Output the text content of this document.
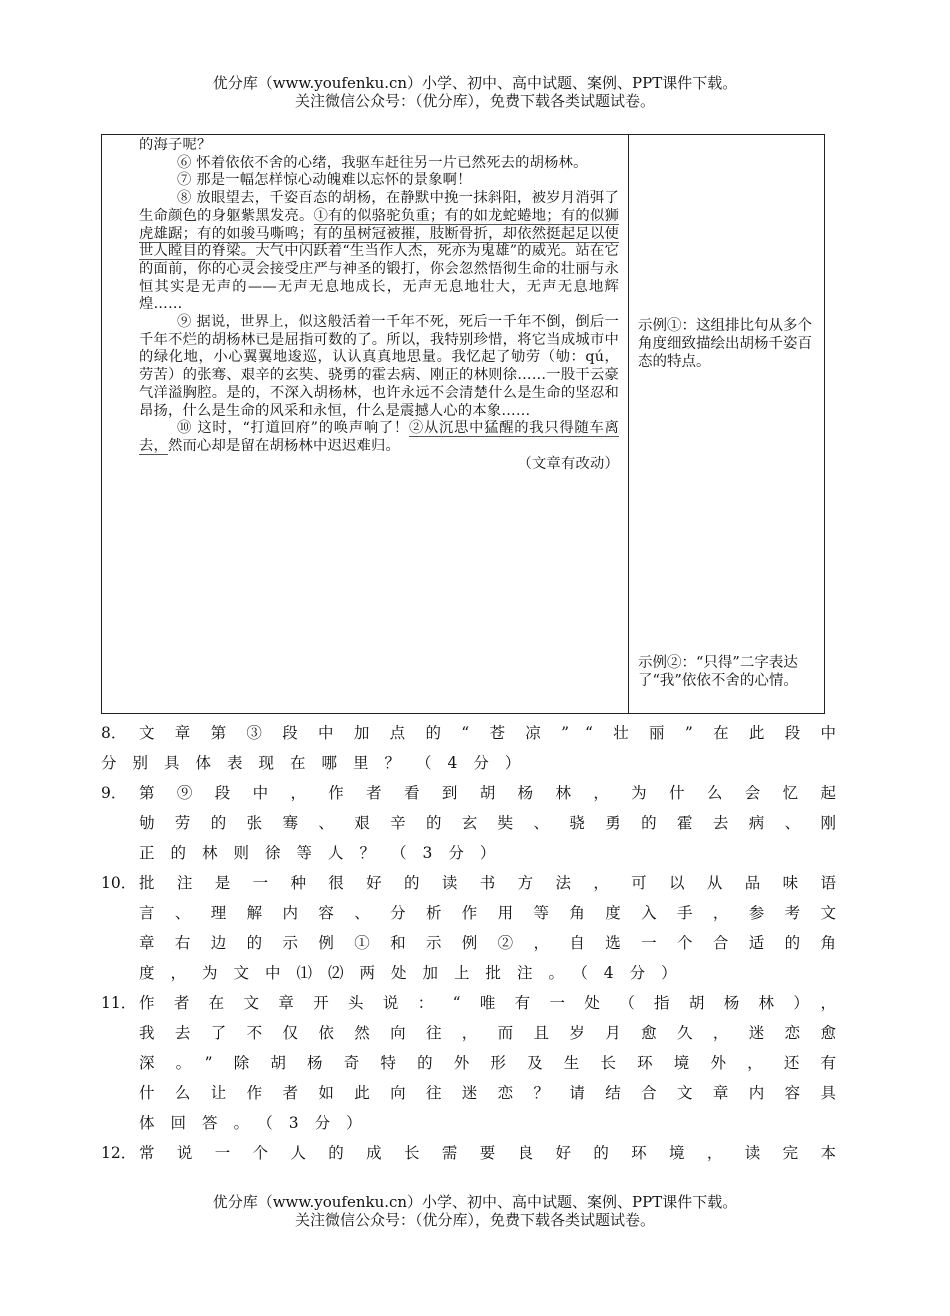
优分库（www.youfenku.cn）小学、初中、高中试题、案例、PPT课件下载。
关注微信公众号：（优分库），免费下载各类试题试卷。

的海子呢？

⑥ 怀着依依不舍的心绪，我驱车赶往另一片已然死去的胡杨林。

⑦ 那是一幅怎样惊心动魄难以忘怀的景象啊！

⑧ 放眼望去，千姿百态的胡杨，在静默中挽一抹斜阳，被岁月消弭了生命颜色的身躯紫黑发亮。①有的似骆驼负重；有的如龙蛇蜷地；有的似狮虎雄踞；有的如骏马嘶鸣；有的虽树冠被摧，肢断骨折，却依然挺起足以使世人瞠目的脊梁。大气中闪跃着“生当作人杰，死亦为鬼雄”的威光。站在它的面前，你的心灵会接受庄严与神圣的锻打，你会忽然悟彻生命的壮丽与永恒其实是无声的——无声无息地成长，无声无息地壮大，无声无息地辉煌……

⑨ 据说，世界上，似这般活着一千年不死，死后一千年不倒，倒后一千年不烂的胡杨林已是屈指可数的了。所以，我特别珍惜，将它当成城市中的绿化地，小心翼翼地逡巡，认认真真地思量。我忆起了劬劳（劬：qú，劳苦）的张骞、艰辛的玄奘、骁勇的霍去病、刚正的林则徐……一股干云豪气洋溢胸腔。是的，不深入胡杨林，也许永远不会清楚什么是生命的坚忍和昂扬，什么是生命的风采和永恒，什么是震撼人心的本象……

⑩ 这时，“打道回府”的唤声响了！②从沉思中猛醒的我只得随车离去，然而心却是留在胡杨林中迟迟难归。

（文章有改动）

示例①：这组排比句从多个角度细致描绘出胡杨千姿百态的特点。
示例②：“只得”二字表达了“我”依依不舍的心情。
8． 文章第③段中加点的“苍凉”“壮丽”在此段中
分别具体表现在哪里？（4分）
9． 第⑨段中，作者看到胡杨林，为什么会忆起
劬劳的张骞、艰辛的玄奘、骁勇的霍去病、刚
正的林则徐等人？（3分）
10． 批注是一种很好的读书方法，可以从品味语
言、理解内容、分析作用等角度入手，参考文
章右边的示例①和示例②，自选一个合适的角
度，为文中⑴⑵两处加上批注。（4分）
11． 作者在文章开头说：“唯有一处（指胡杨林），
我去了不仅依然向往，而且岁月愈久，迷恋愈
深。”除胡杨奇特的外形及生长环境外，还有
什么让作者如此向往迷恋？请结合文章内容具
体回答。（3分）
12． 常说一个人的成长需要良好的环境，读完本
优分库（www.youfenku.cn）小学、初中、高中试题、案例、PPT课件下载。
关注微信公众号：（优分库），免费下载各类试题试卷。
